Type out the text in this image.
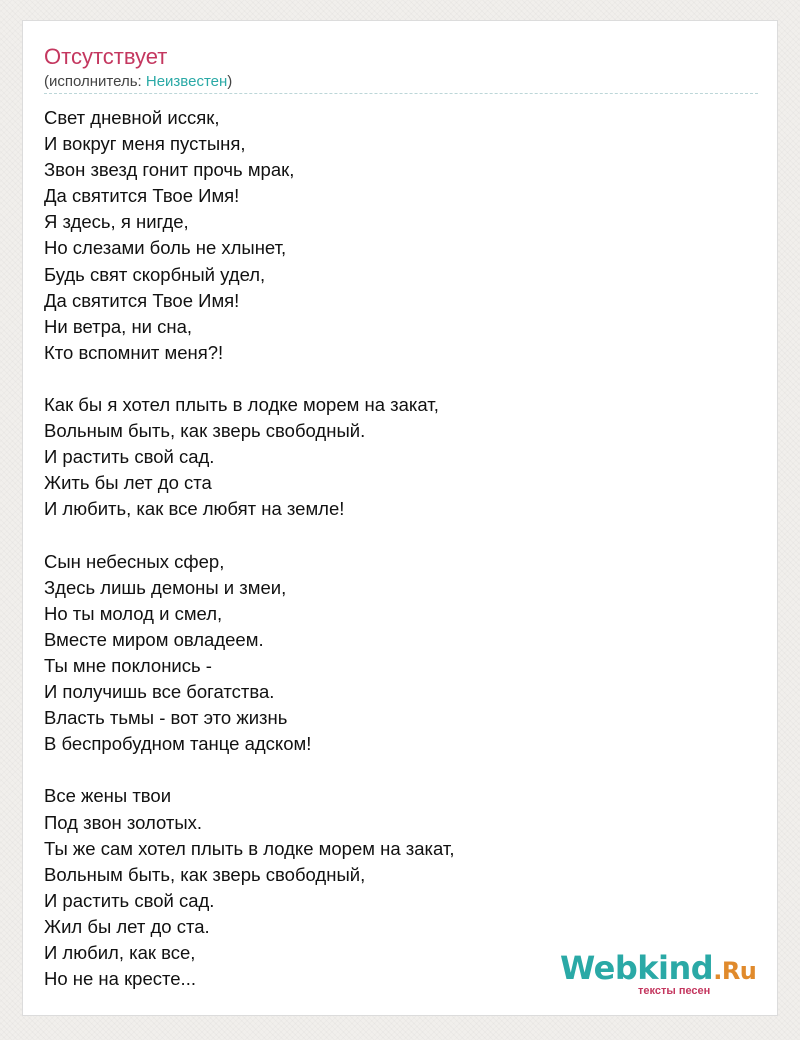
Отсутствует
(исполнитель: Неизвестен)
Свет дневной иссяк,
И вокруг меня пустыня,
Звон звезд гонит прочь мрак,
Да святится Твое Имя!
Я здесь, я нигде,
Но слезами боль не хлынет,
Будь свят скорбный удел,
Да святится Твое Имя!
Ни ветра, ни сна,
Кто вспомнит меня?!
Как бы я хотел плыть в лодке морем на закат,
Вольным быть, как зверь свободный.
И растить свой сад.
Жить бы лет до ста
И любить, как все любят на земле!
Сын небесных сфер,
Здесь лишь демоны и змеи,
Но ты молод и смел,
Вместе миром овладеем.
Ты мне поклонись -
И получишь все богатства.
Власть тьмы - вот это жизнь
В беспробудном танце адском!
Все жены твои
Под звон золотых.
Ты же сам хотел плыть в лодке морем на закат,
Вольным быть, как зверь свободный,
И растить свой сад.
Жил бы лет до ста.
И любил, как все,
Но не на кресте...	Webkind.Ru
тексты песен
